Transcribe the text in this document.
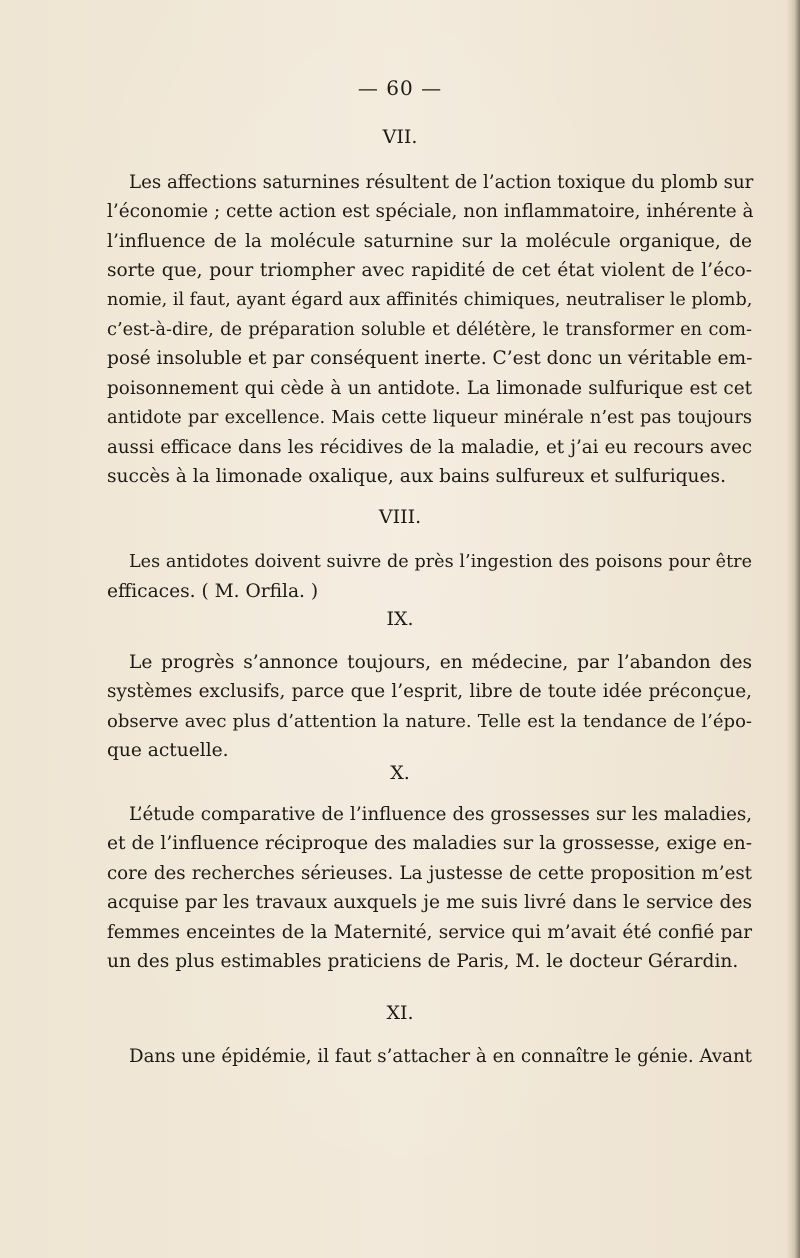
— 60 —
VII.
Les affections saturnines résultent de l’action toxique du plomb sur
l’économie ; cette action est spéciale, non inflammatoire, inhérente à
l’influence de la molécule saturnine sur la molécule organique, de
sorte que, pour triompher avec rapidité de cet état violent de l’éco-
nomie, il faut, ayant égard aux affinités chimiques, neutraliser le plomb,
c’est-à-dire, de préparation soluble et délétère, le transformer en com-
posé insoluble et par conséquent inerte. C’est donc un véritable em-
poisonnement qui cède à un antidote. La limonade sulfurique est cet
antidote par excellence. Mais cette liqueur minérale n’est pas toujours
aussi efficace dans les récidives de la maladie, et j’ai eu recours avec
succès à la limonade oxalique, aux bains sulfureux et sulfuriques.
VIII.
Les antidotes doivent suivre de près l’ingestion des poisons pour être
efficaces. ( M. Orfila. )
IX.
Le progrès s’annonce toujours, en médecine, par l’abandon des
systèmes exclusifs, parce que l’esprit, libre de toute idée préconçue,
observe avec plus d’attention la nature. Telle est la tendance de l’épo-
que actuelle.
X.
L’étude comparative de l’influence des grossesses sur les maladies,
et de l’influence réciproque des maladies sur la grossesse, exige en-
core des recherches sérieuses. La justesse de cette proposition m’est
acquise par les travaux auxquels je me suis livré dans le service des
femmes enceintes de la Maternité, service qui m’avait été confié par
un des plus estimables praticiens de Paris, M. le docteur Gérardin.
XI.
Dans une épidémie, il faut s’attacher à en connaître le génie. Avant
